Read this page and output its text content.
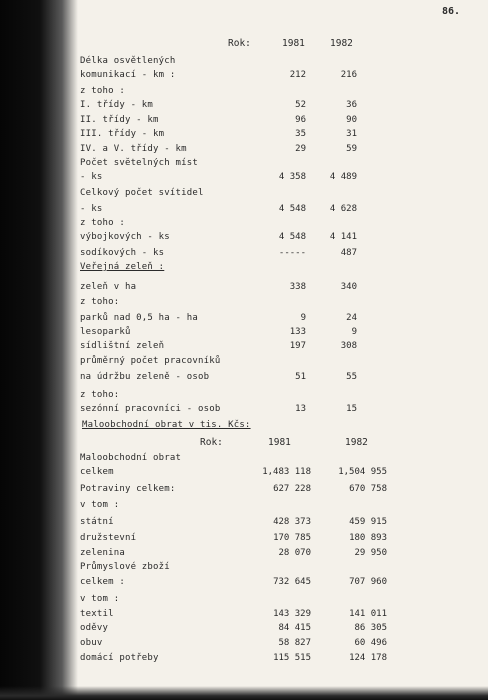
86.
Rok:	1981	1982
Délka osvětlených
komunikací - km :	212	216
z toho :
I. třídy - km	52	36
II. třídy - km	96	90
III. třídy - km	35	31
IV. a V. třídy - km	29	59
Počet svĕtelných míst
- ks	4 358	4 489
Celkový počet svítidel
- ks	4 548	4 628
z toho :
výbojkových - ks	4 548	4 141
sodíkových - ks	-----	487
Veřejná zeleň :
zeleň v ha	338	340
z toho:
parků nad 0,5 ha - ha	9	24
lesoparků	133	9
sídlištní zeleň	197	308
průměrný počet pracovníků
na údržbu zeleně - osob	51	55
z toho:
sezónní pracovníci - osob	13	15
Maloobchodní obrat v tis. Kčs:
Rok:	1981	1982
Maloobchodní obrat
celkem	1,483 118	1,504 955
Potraviny celkem:	627 228	670 758
v tom :
státní	428 373	459 915
družstevní	170 785	180 893
zelenina	28 070	29 950
Průmyslové zboží
celkem :	732 645	707 960
v tom :
textil	143 329	141 011
oděvy	84 415	86 305
obuv	58 827	60 496
domácí potřeby	115 515	124 178
